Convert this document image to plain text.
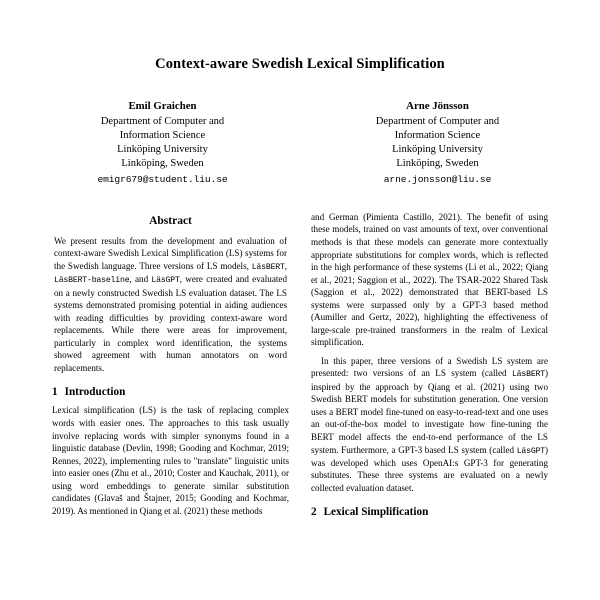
Context-aware Swedish Lexical Simplification
Emil Graichen
Department of Computer and
Information Science
Linköping University
Linköping, Sweden
emigr679@student.liu.se
Arne Jönsson
Department of Computer and
Information Science
Linköping University
Linköping, Sweden
arne.jonsson@liu.se
Abstract

We present results from the development and evaluation of context-aware Swedish Lexical Simplification (LS) systems for the Swedish language. Three versions of LS models, LäsBERT, LäsBERT-baseline, and LäsGPT, were created and evaluated on a newly constructed Swedish LS evaluation dataset. The LS systems demonstrated promising potential in aiding audiences with reading difficulties by providing context-aware word replacements. While there were areas for improvement, particularly in complex word identification, the systems showed agreement with human annotators on word replacements.

1 Introduction

Lexical simplification (LS) is the task of replacing complex words with easier ones. The approaches to this task usually involve replacing words with simpler synonyms found in a linguistic database (Devlin, 1998; Gooding and Kochmar, 2019; Rennes, 2022), implementing rules to "translate" linguistic units into easier ones (Zhu et al., 2010; Coster and Kauchak, 2011), or using word embeddings to generate similar substitution candidates (Glavaš and Štajner, 2015; Gooding and Kochmar, 2019). As mentioned in Qiang et al. (2021) these methods

and German (Pimienta Castillo, 2021). The benefit of using these models, trained on vast amounts of text, over conventional methods is that these models can generate more contextually appropriate substitutions for complex words, which is reflected in the high performance of these systems (Li et al., 2022; Qiang et al., 2021; Saggion et al., 2022). The TSAR-2022 Shared Task (Saggion et al., 2022) demonstrated that BERT-based LS systems were surpassed only by a GPT-3 based method (Aumiller and Gertz, 2022), highlighting the effectiveness of large-scale pre-trained transformers in the realm of Lexical simplification.

In this paper, three versions of a Swedish LS system are presented: two versions of an LS system (called LäsBERT) inspired by the approach by Qiang et al. (2021) using two Swedish BERT models for substitution generation. One version uses a BERT model fine-tuned on easy-to-read-text and one uses an out-of-the-box model to investigate how fine-tuning the BERT model affects the end-to-end performance of the LS system. Furthermore, a GPT-3 based LS system (called LäsGPT) was developed which uses OpenAI:s GPT-3 for generating substitutes. These three systems are evaluated on a newly collected evaluation dataset.

2 Lexical Simplification
